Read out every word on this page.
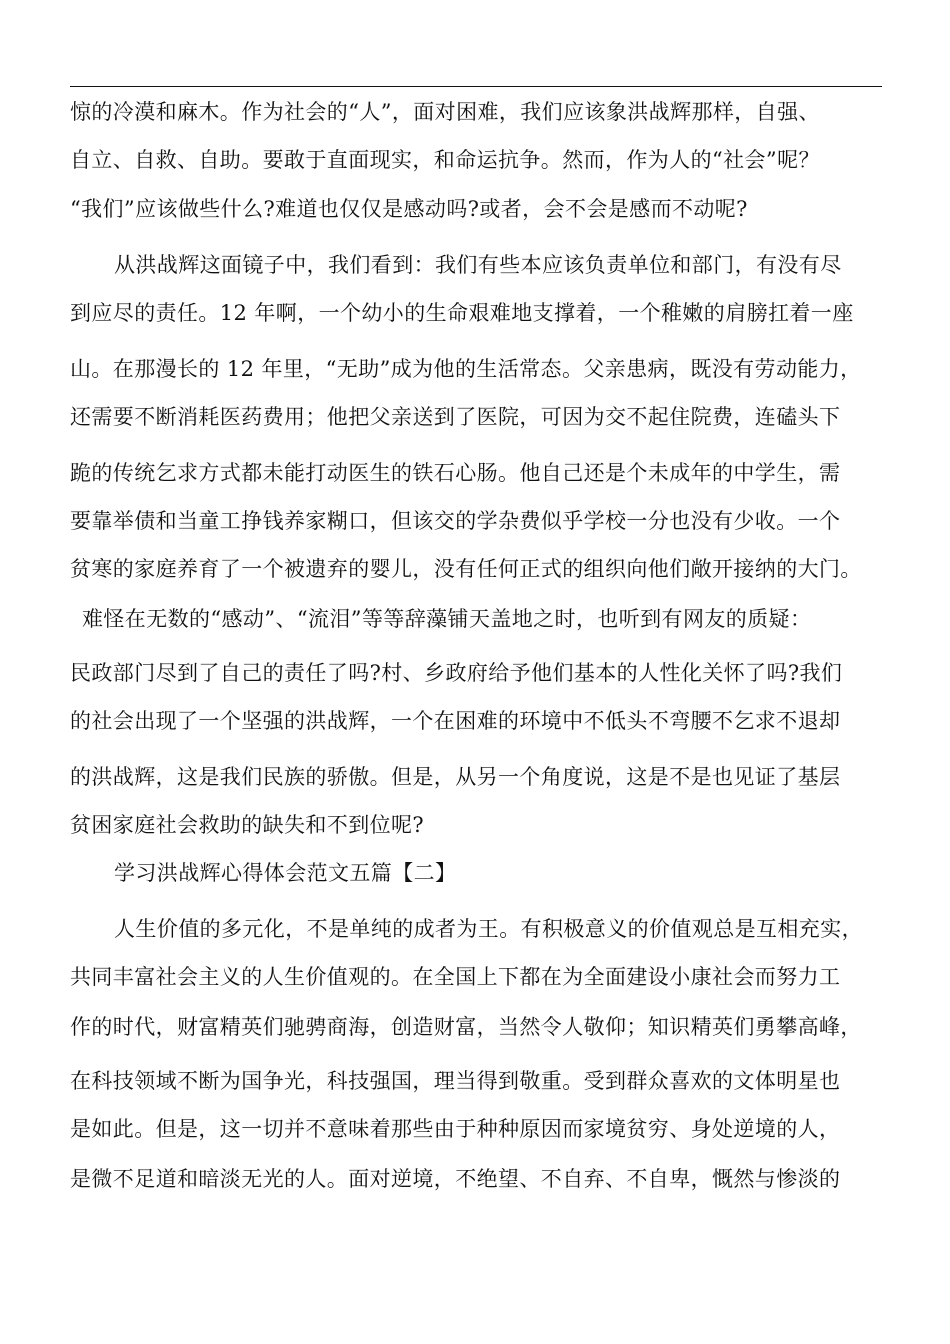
惊的冷漠和麻木。作为社会的“人”，面对困难，我们应该象洪战辉那样，自强、
自立、自救、自助。要敢于直面现实，和命运抗争。然而，作为人的“社会”呢？
“我们”应该做些什么?难道也仅仅是感动吗?或者，会不会是感而不动呢?
从洪战辉这面镜子中，我们看到：我们有些本应该负责单位和部门，有没有尽
到应尽的责任。12 年啊，一个幼小的生命艰难地支撑着，一个稚嫩的肩膀扛着一座
山。在那漫长的 12 年里，“无助”成为他的生活常态。父亲患病，既没有劳动能力，
还需要不断消耗医药费用；他把父亲送到了医院，可因为交不起住院费，连磕头下
跪的传统乞求方式都未能打动医生的铁石心肠。他自己还是个未成年的中学生，需
要靠举债和当童工挣钱养家糊口，但该交的学杂费似乎学校一分也没有少收。一个
贫寒的家庭养育了一个被遗弃的婴儿，没有任何正式的组织向他们敞开接纳的大门。
难怪在无数的“感动”、“流泪”等等辞藻铺天盖地之时，也听到有网友的质疑：
民政部门尽到了自己的责任了吗?村、乡政府给予他们基本的人性化关怀了吗?我们
的社会出现了一个坚强的洪战辉，一个在困难的环境中不低头不弯腰不乞求不退却
的洪战辉，这是我们民族的骄傲。但是，从另一个角度说，这是不是也见证了基层
贫困家庭社会救助的缺失和不到位呢?
学习洪战辉心得体会范文五篇【二】
人生价值的多元化，不是单纯的成者为王。有积极意义的价值观总是互相充实，
共同丰富社会主义的人生价值观的。在全国上下都在为全面建设小康社会而努力工
作的时代，财富精英们驰骋商海，创造财富，当然令人敬仰；知识精英们勇攀高峰，
在科技领域不断为国争光，科技强国，理当得到敬重。受到群众喜欢的文体明星也
是如此。但是，这一切并不意味着那些由于种种原因而家境贫穷、身处逆境的人，
是微不足道和暗淡无光的人。面对逆境，不绝望、不自弃、不自卑，慨然与惨淡的
